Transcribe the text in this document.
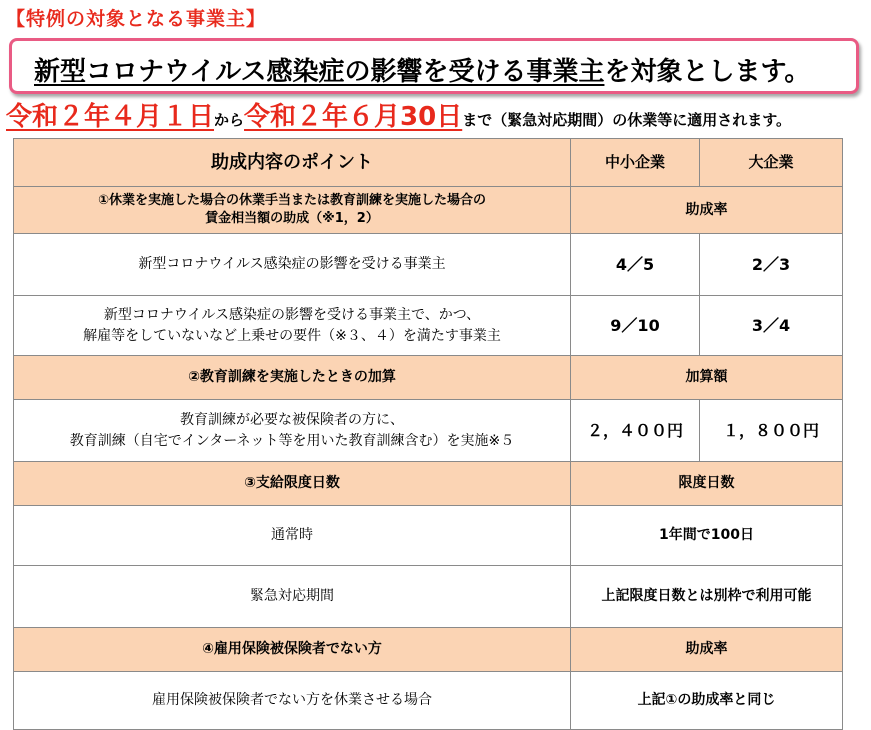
【特例の対象となる事業主】
新型コロナウイルス感染症の影響を受ける事業主を対象とします。
令和２年４月１日から令和２年６月30日まで（緊急対応期間）の休業等に適用されます。
助成内容のポイント	中小企業	大企業
①休業を実施した場合の休業手当または教育訓練を実施した場合の
賃金相当額の助成（※1，2）	助成率	
新型コロナウイルス感染症の影響を受ける事業主	4／5	2／3
新型コロナウイルス感染症の影響を受ける事業主で、かつ、
解雇等をしていないなど上乗せの要件（※３、４）を満たす事業主	9／10	3／4
②教育訓練を実施したときの加算	加算額	
教育訓練が必要な被保険者の方に、
教育訓練（自宅でインターネット等を用いた教育訓練含む）を実施※５	２，４００円	１，８００円
③支給限度日数	限度日数	
通常時	1年間で100日	
緊急対応期間	上記限度日数とは別枠で利用可能	
④雇用保険被保険者でない方	助成率	
雇用保険被保険者でない方を休業させる場合	上記①の助成率と同じ	
